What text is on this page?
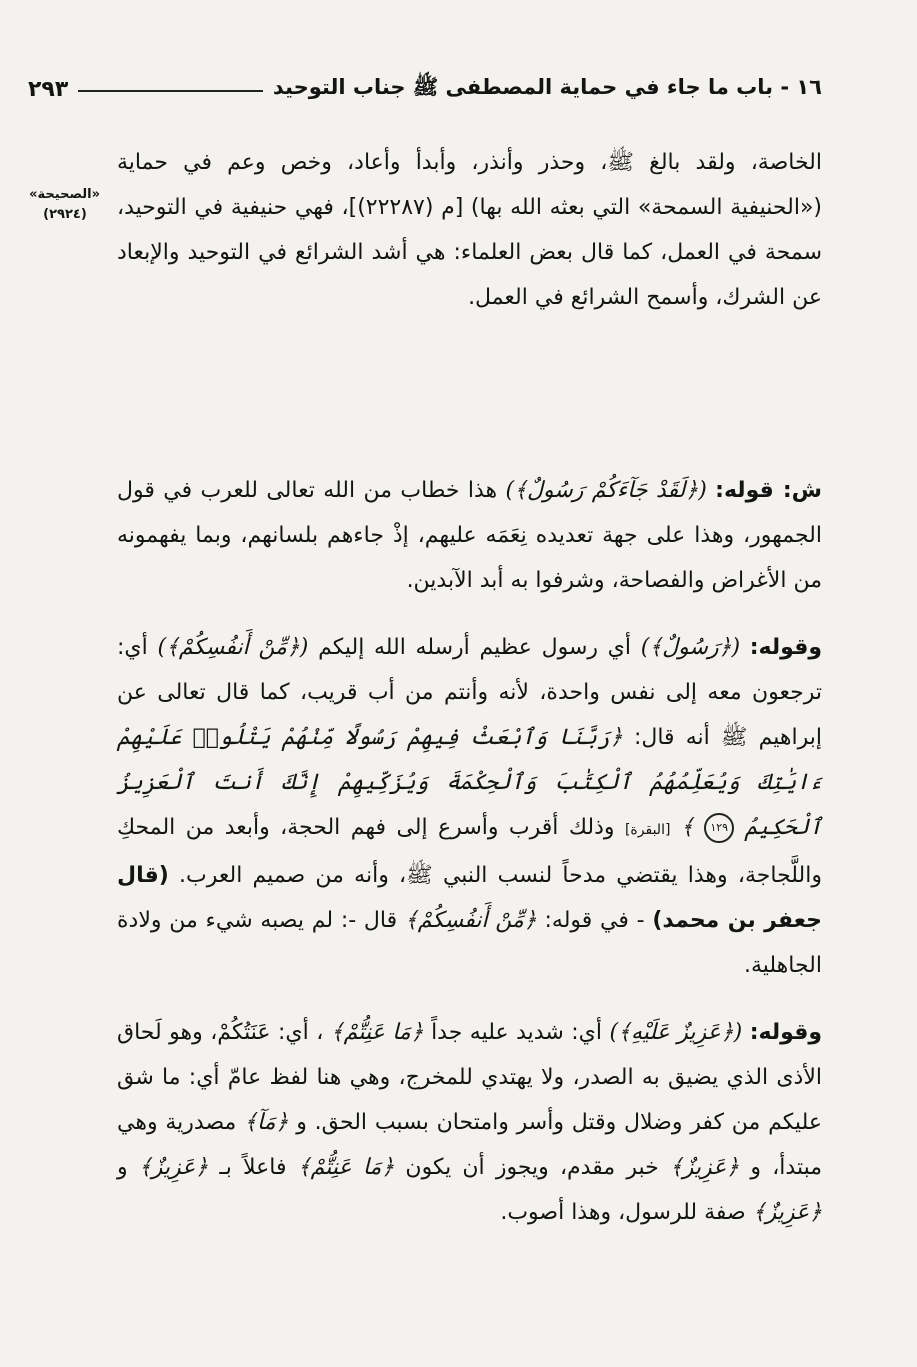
١٦ - باب ما جاء في حماية المصطفى ﷺ جناب التوحيد
٢٩٣
«الصحيحة»
(٢٩٢٤)

الخاصة، ولقد بالغ ﷺ، وحذر وأنذر، وأبدأ وأعاد، وخص وعم في حماية («الحنيفية السمحة» التي بعثه الله بها) [م (٢٢٢٨٧)]، فهي حنيفية في التوحيد، سمحة في العمل، كما قال بعض العلماء: هي أشد الشرائع في التوحيد والإبعاد عن الشرك، وأسمح الشرائع في العمل.

ش: قوله: (﴿لَقَدْ جَآءَكُمْ رَسُولٌ﴾) هذا خطاب من الله تعالى للعرب في قول الجمهور، وهذا على جهة تعديده نِعَمَه عليهم، إذْ جاءهم بلسانهم، وبما يفهمونه من الأغراض والفصاحة، وشرفوا به أبد الآبدين.

وقوله: (﴿رَسُولٌ﴾) أي رسول عظيم أرسله الله إليكم (﴿مِّنْ أَنفُسِكُمْ﴾) أي: ترجعون معه إلى نفس واحدة، لأنه وأنتم من أب قريب، كما قال تعالى عن إبراهيم ﷺ أنه قال: ﴿رَبَّنَا وَٱبْعَثْ فِيهِمْ رَسُولًا مِّنْهُمْ يَتْلُوا۟ عَلَيْهِمْ ءَايَٰتِكَ وَيُعَلِّمُهُمُ ٱلْكِتَٰبَ وَٱلْحِكْمَةَ وَيُزَكِّيهِمْ إِنَّكَ أَنتَ ٱلْعَزِيزُ ٱلْحَكِيمُ ١٢٩ ﴾ [البقرة] وذلك أقرب وأسرع إلى فهم الحجة، وأبعد من المحكِ واللَّجاجة، وهذا يقتضي مدحاً لنسب النبي ﷺ، وأنه من صميم العرب. (قال جعفر بن محمد) - في قوله: ﴿مِّنْ أَنفُسِكُمْ﴾ قال -: لم يصبه شيء من ولادة الجاهلية.

وقوله: (﴿عَزِيزٌ عَلَيْهِ﴾) أي: شديد عليه جداً ﴿مَا عَنِتُّمْ﴾ ، أي: عَنَتُكُمْ، وهو لَحاق الأذى الذي يضيق به الصدر، ولا يهتدي للمخرج، وهي هنا لفظ عامّ أي: ما شق عليكم من كفر وضلال وقتل وأسر وامتحان بسبب الحق. و ﴿مَآ﴾ مصدرية وهي مبتدأ، و ﴿عَزِيزٌ﴾ خبر مقدم، ويجوز أن يكون ﴿مَا عَنِتُّمْ﴾ فاعلاً بـ ﴿عَزِيزٌ﴾ و ﴿عَزِيزٌ﴾ صفة للرسول، وهذا أصوب.
